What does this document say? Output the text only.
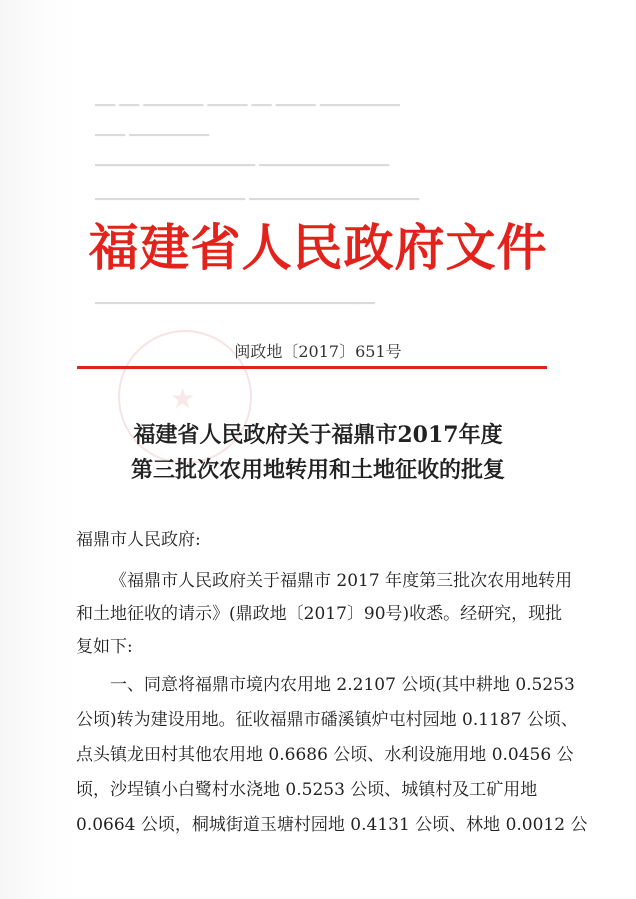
▁▁ ▁▁ ▁▁▁▁▁▁ ▁▁▁▁ ▁▁ ▁▁▁▁ ▁▁▁▁▁▁▁▁
▁▁▁ ▁▁▁▁▁▁▁▁
▁▁▁▁▁▁▁▁▁▁▁▁▁▁▁▁ ▁▁▁▁▁▁▁▁▁▁▁▁▁
▁▁▁▁▁▁▁▁▁▁▁▁▁▁▁ ▁▁▁▁▁▁▁▁▁▁▁▁▁▁▁▁▁
▁▁▁▁▁▁▁▁▁▁▁▁▁▁▁▁▁▁▁▁▁▁▁▁▁▁▁▁
★
福建省人民政府文件
闽政地〔2017〕651号
福建省人民政府关于福鼎市2017年度
第三批次农用地转用和土地征收的批复
福鼎市人民政府:
《福鼎市人民政府关于福鼎市 2017 年度第三批次农用地转用
和土地征收的请示》(鼎政地〔2017〕90号)收悉。经研究，现批
复如下:
一、同意将福鼎市境内农用地 2.2107 公顷(其中耕地 0.5253
公顷)转为建设用地。征收福鼎市磻溪镇炉屯村园地 0.1187 公顷、
点头镇龙田村其他农用地 0.6686 公顷、水利设施用地 0.0456 公
顷，沙埕镇小白鹭村水浇地 0.5253 公顷、城镇村及工矿用地
0.0664 公顷，桐城街道玉塘村园地 0.4131 公顷、林地 0.0012 公
